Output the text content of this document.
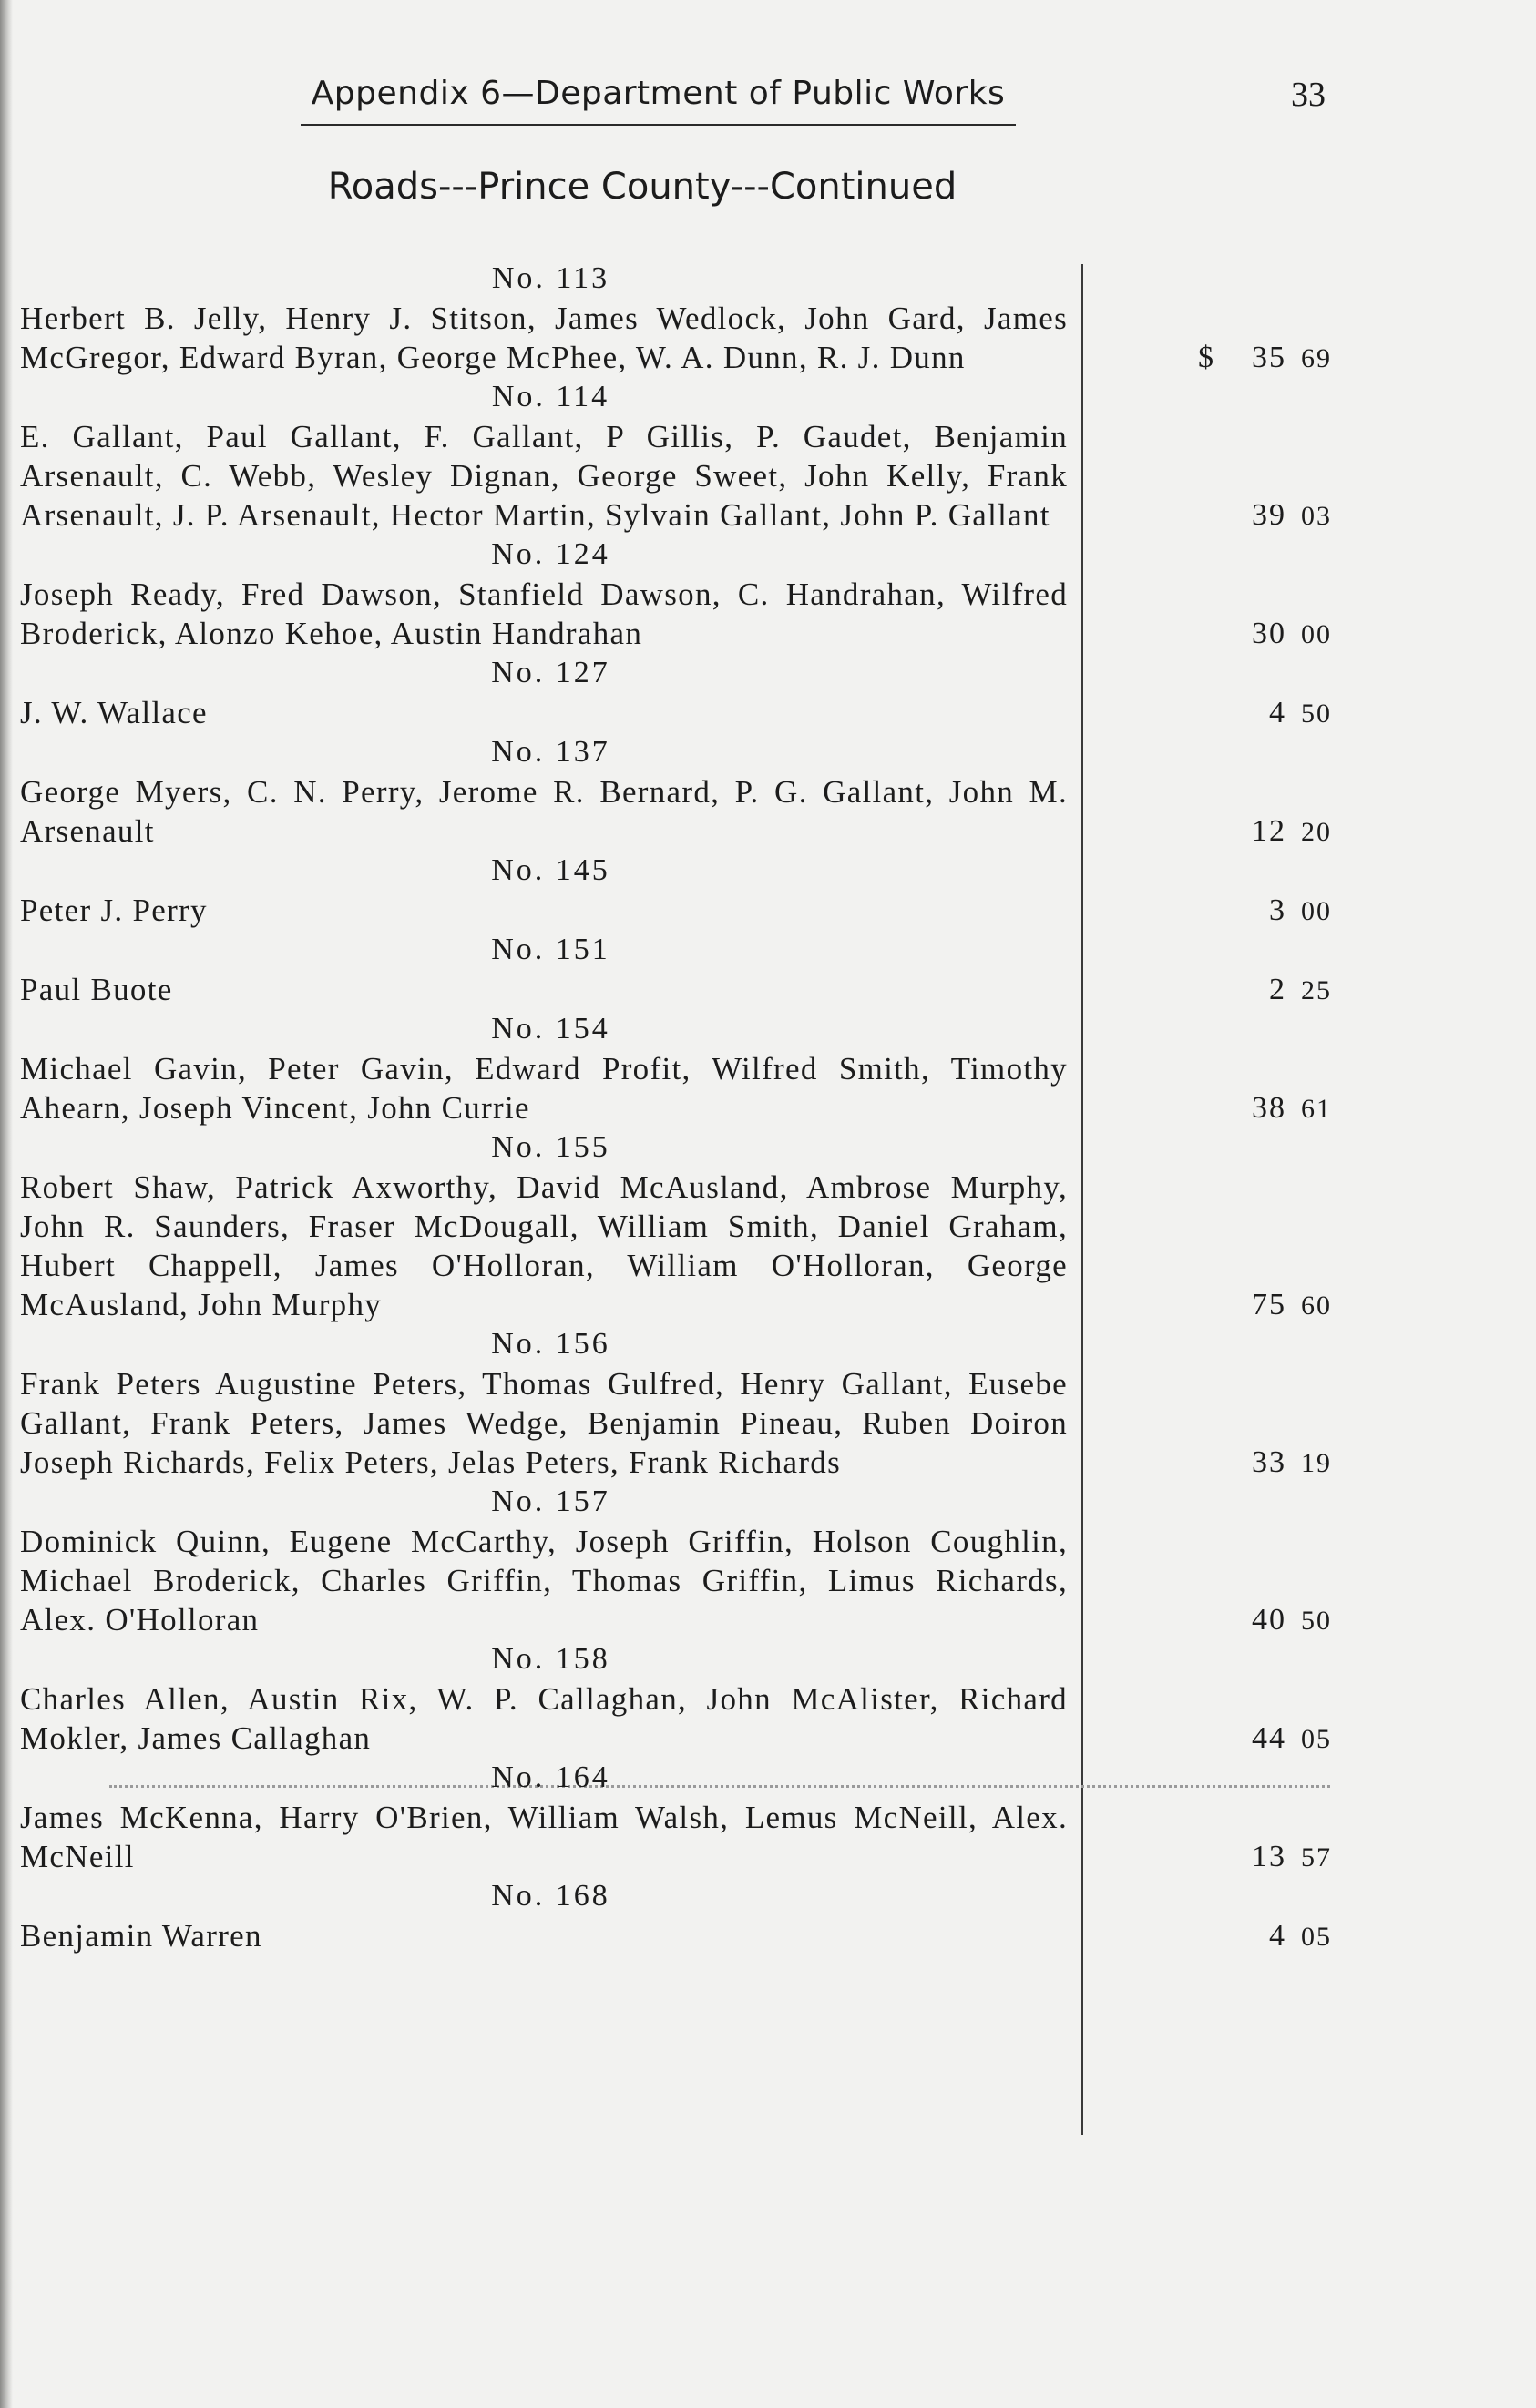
Appendix 6—Department of Public Works	33
Roads---Prince County---Continued
No. 113

Herbert B. Jelly, Henry J. Stitson, James Wedlock, John Gard, James McGregor, Edward Byran, George McPhee, W. A. Dunn, R. J. Dunn	$ 35 69
No. 114

E. Gallant, Paul Gallant, F. Gallant, P Gillis, P. Gaudet, Benjamin Arsenault, C. Webb, Wesley Dignan, George Sweet, John Kelly, Frank Arsenault, J. P. Arsenault, Hector Martin, Sylvain Gallant, John P. Gallant	39 03
No. 124

Joseph Ready, Fred Dawson, Stanfield Dawson, C. Handrahan, Wilfred Broderick, Alonzo Kehoe, Austin Handrahan	30 00
No. 127

J. W. Wallace	4 50
No. 137

George Myers, C. N. Perry, Jerome R. Bernard, P. G. Gallant, John M. Arsenault	12 20
No. 145

Peter J. Perry	3 00
No. 151

Paul Buote	2 25
No. 154

Michael Gavin, Peter Gavin, Edward Profit, Wilfred Smith, Timothy Ahearn, Joseph Vincent, John Currie	38 61
No. 155

Robert Shaw, Patrick Axworthy, David McAusland, Ambrose Murphy, John R. Saunders, Fraser McDougall, William Smith, Daniel Graham, Hubert Chappell, James O'Holloran, William O'Holloran, George McAusland, John Murphy	75 60
No. 156

Frank Peters Augustine Peters, Thomas Gulfred, Henry Gallant, Eusebe Gallant, Frank Peters, James Wedge, Benjamin Pineau, Ruben Doiron Joseph Richards, Felix Peters, Jelas Peters, Frank Richards	33 19
No. 157

Dominick Quinn, Eugene McCarthy, Joseph Griffin, Holson Coughlin, Michael Broderick, Charles Griffin, Thomas Griffin, Limus Richards, Alex. O'Holloran	40 50
No. 158

Charles Allen, Austin Rix, W. P. Callaghan, John McAlister, Richard Mokler, James Callaghan	44 05
No. 164

James McKenna, Harry O'Brien, William Walsh, Lemus McNeill, Alex. McNeill	13 57
No. 168

Benjamin Warren	4 05
